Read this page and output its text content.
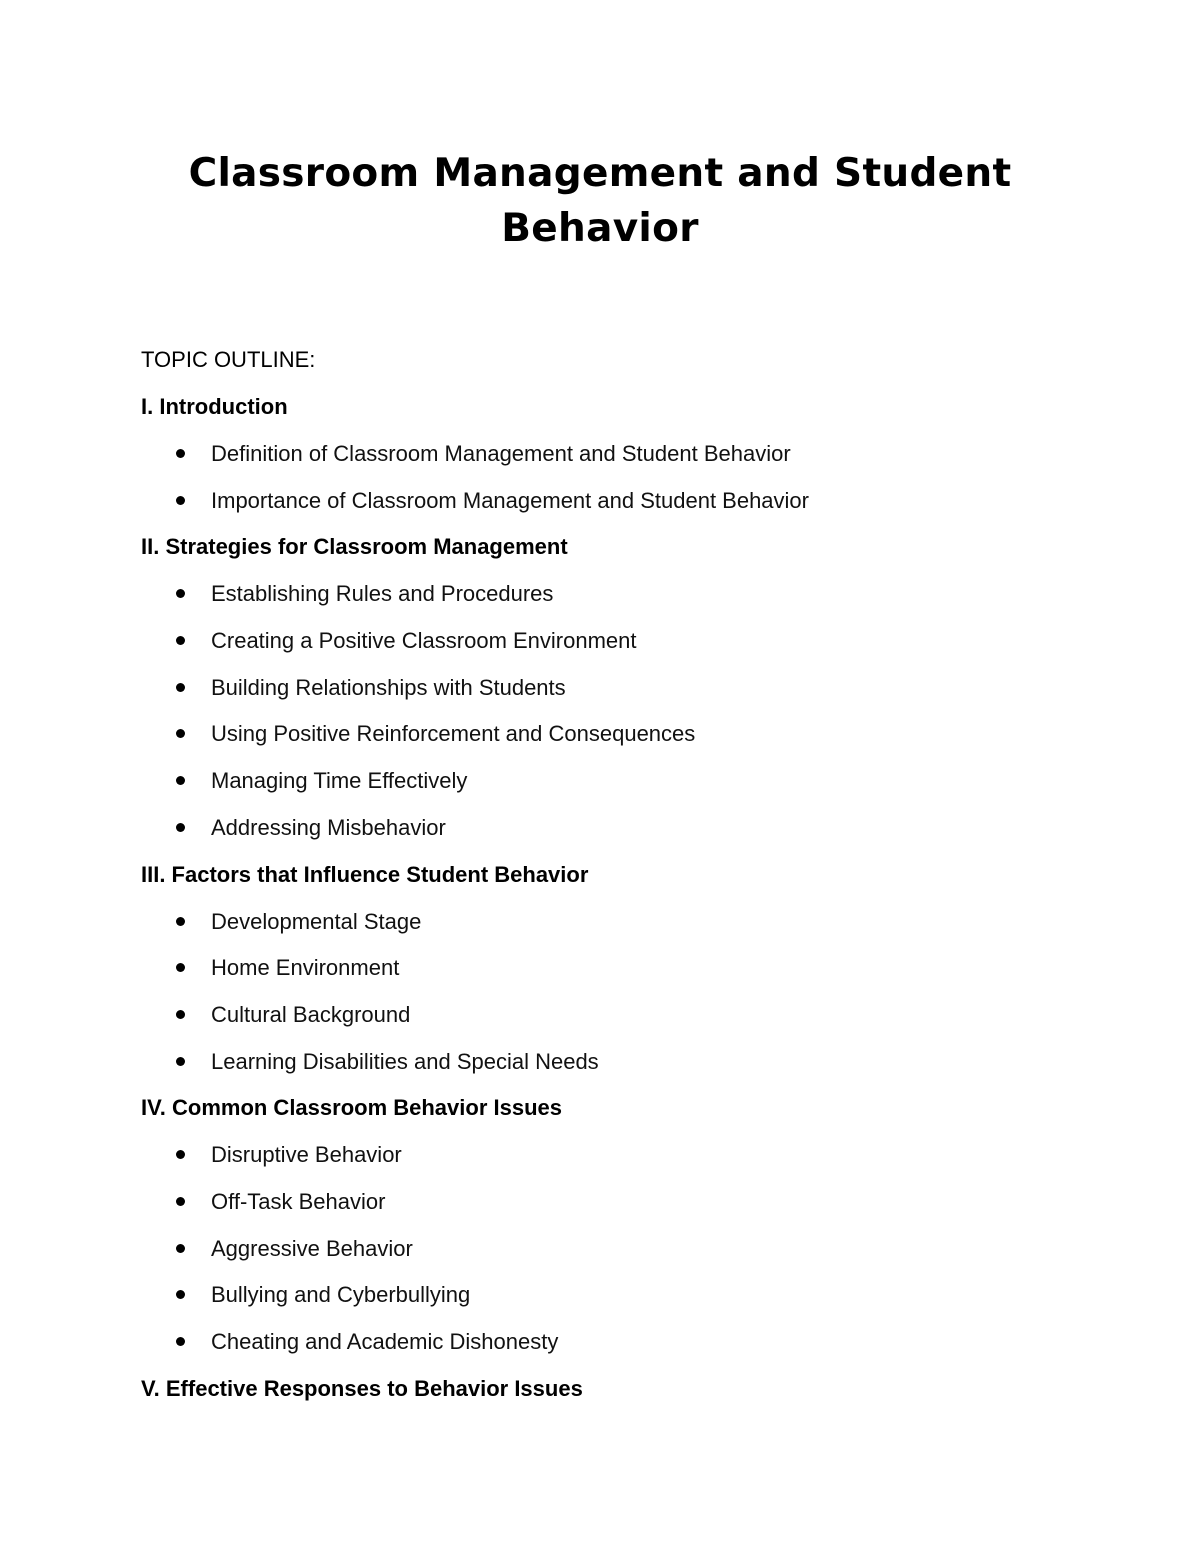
Classroom Management and Student Behavior

TOPIC OUTLINE:

I. Introduction

Definition of Classroom Management and Student Behavior
Importance of Classroom Management and Student Behavior

II. Strategies for Classroom Management

Establishing Rules and Procedures
Creating a Positive Classroom Environment
Building Relationships with Students
Using Positive Reinforcement and Consequences
Managing Time Effectively
Addressing Misbehavior

III. Factors that Influence Student Behavior

Developmental Stage
Home Environment
Cultural Background
Learning Disabilities and Special Needs

IV. Common Classroom Behavior Issues

Disruptive Behavior
Off-Task Behavior
Aggressive Behavior
Bullying and Cyberbullying
Cheating and Academic Dishonesty

V. Effective Responses to Behavior Issues
